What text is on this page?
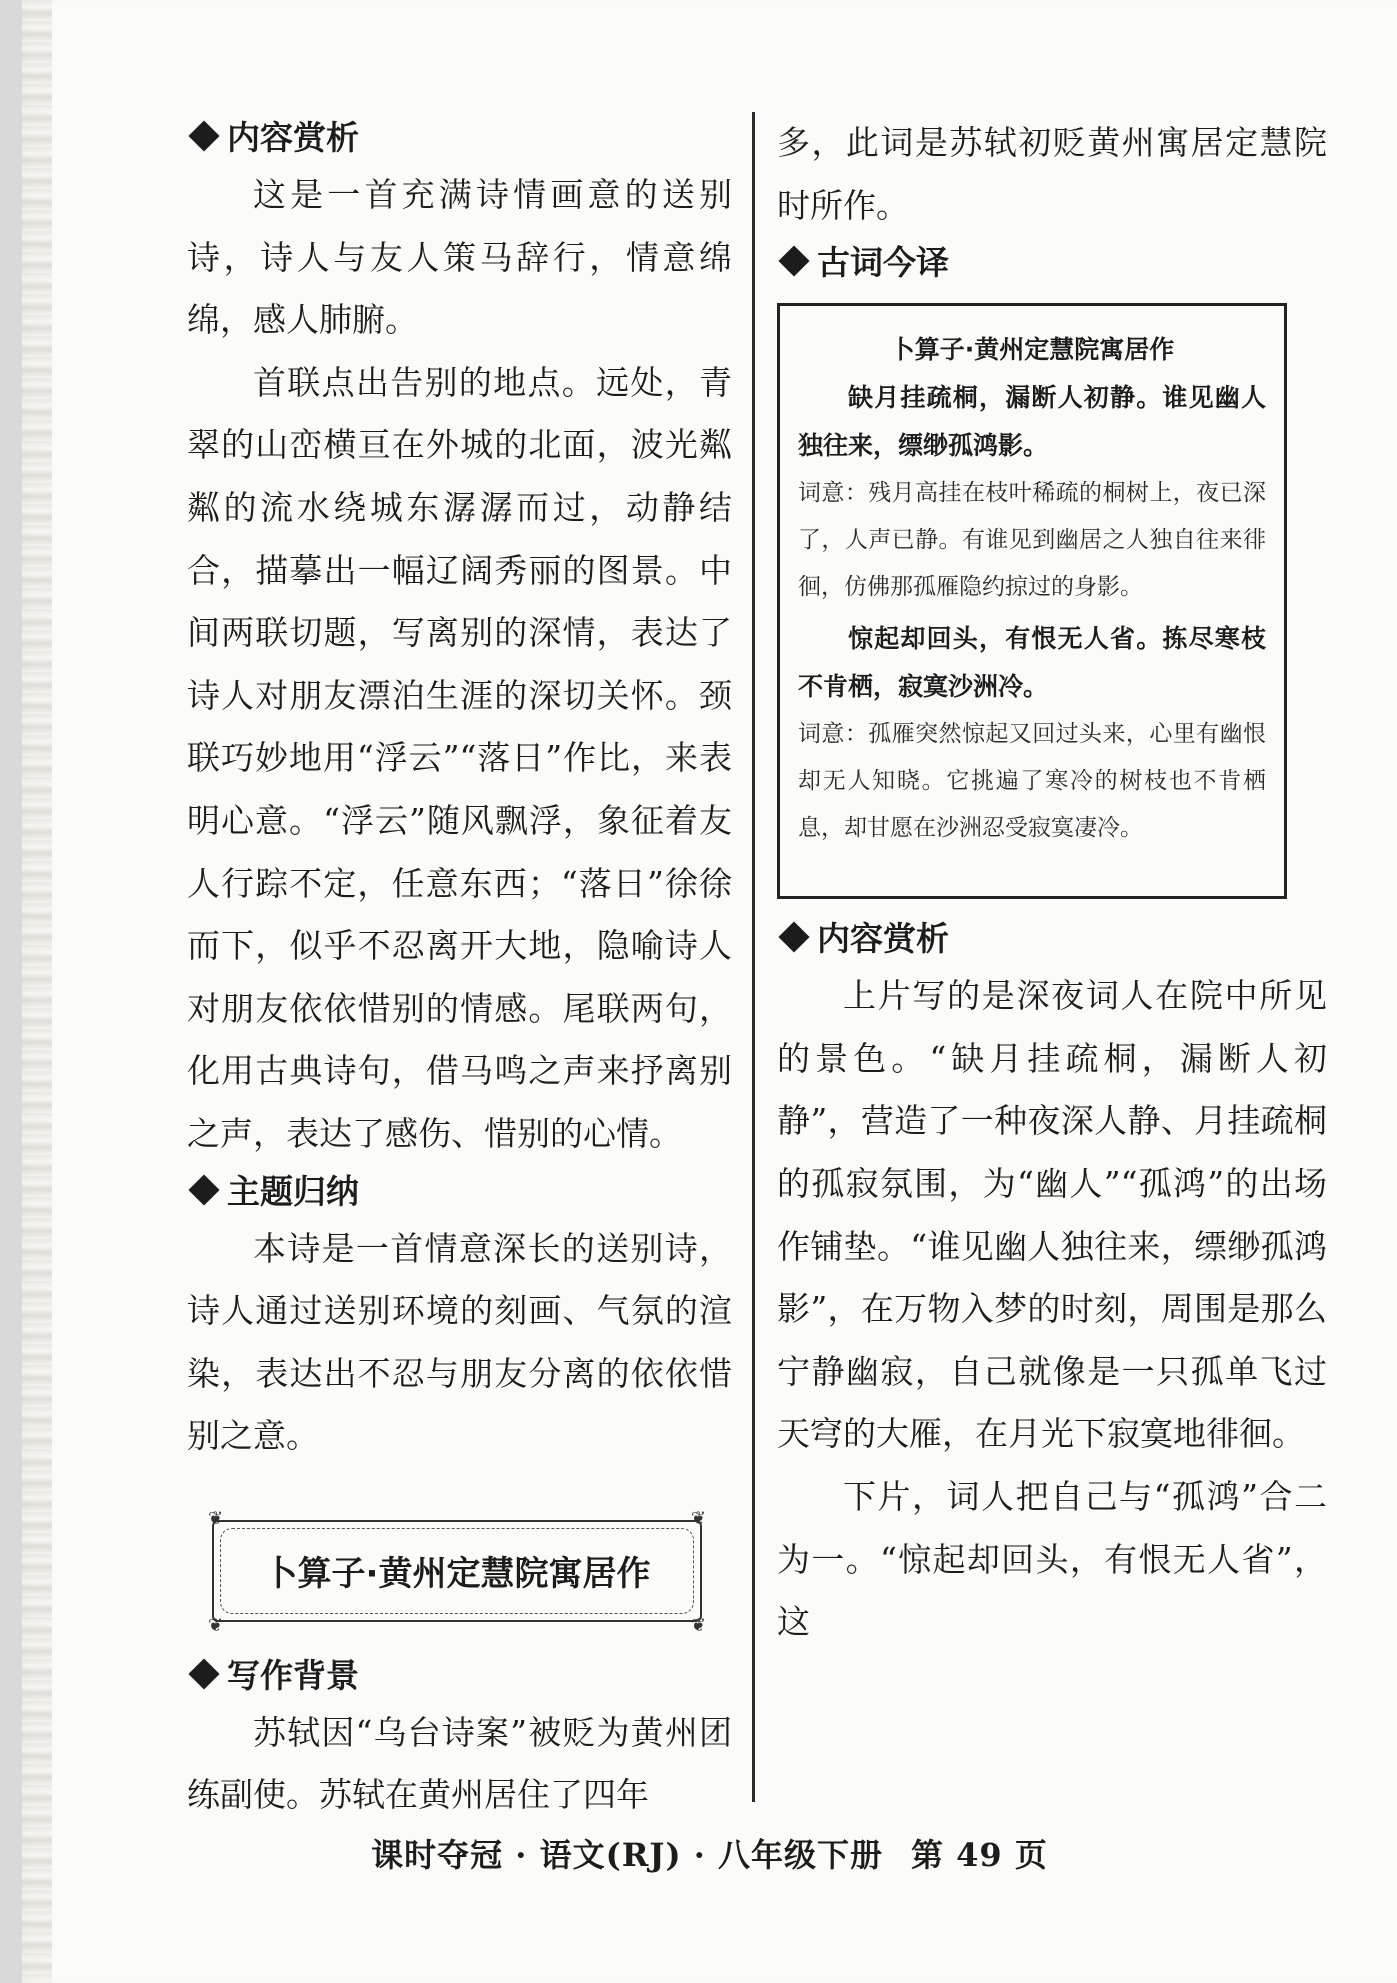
内容赏析

这是一首充满诗情画意的送别诗，诗人与友人策马辞行，情意绵绵，感人肺腑。

首联点出告别的地点。远处，青翠的山峦横亘在外城的北面，波光粼粼的流水绕城东潺潺而过，动静结合，描摹出一幅辽阔秀丽的图景。中间两联切题，写离别的深情，表达了诗人对朋友漂泊生涯的深切关怀。颈联巧妙地用“浮云”“落日”作比，来表明心意。“浮云”随风飘浮，象征着友人行踪不定，任意东西；“落日”徐徐而下，似乎不忍离开大地，隐喻诗人对朋友依依惜别的情感。尾联两句，化用古典诗句，借马鸣之声来抒离别之声，表达了感伤、惜别的心情。

主题归纳

本诗是一首情意深长的送别诗，诗人通过送别环境的刻画、气氛的渲染，表达出不忍与朋友分离的依依惜别之意。

❦	❦
❦	❦
卜算子·黄州定慧院寓居作
写作背景

苏轼因“乌台诗案”被贬为黄州团练副使。苏轼在黄州居住了四年

多，此词是苏轼初贬黄州寓居定慧院时所作。

古词今译

卜算子·黄州定慧院寓居作

缺月挂疏桐，漏断人初静。谁见幽人独往来，缥缈孤鸿影。

词意：残月高挂在枝叶稀疏的桐树上，夜已深了，人声已静。有谁见到幽居之人独自往来徘徊，仿佛那孤雁隐约掠过的身影。

惊起却回头，有恨无人省。拣尽寒枝不肯栖，寂寞沙洲冷。

词意：孤雁突然惊起又回过头来，心里有幽恨却无人知晓。它挑遍了寒冷的树枝也不肯栖息，却甘愿在沙洲忍受寂寞凄冷。

内容赏析

上片写的是深夜词人在院中所见的景色。“缺月挂疏桐，漏断人初静”，营造了一种夜深人静、月挂疏桐的孤寂氛围，为“幽人”“孤鸿”的出场作铺垫。“谁见幽人独往来，缥缈孤鸿影”，在万物入梦的时刻，周围是那么宁静幽寂，自己就像是一只孤单飞过天穹的大雁，在月光下寂寞地徘徊。

下片，词人把自己与“孤鸿”合二为一。“惊起却回头，有恨无人省”，这

课时夺冠 · 语文(RJ) · 八年级下册 第 49 页
